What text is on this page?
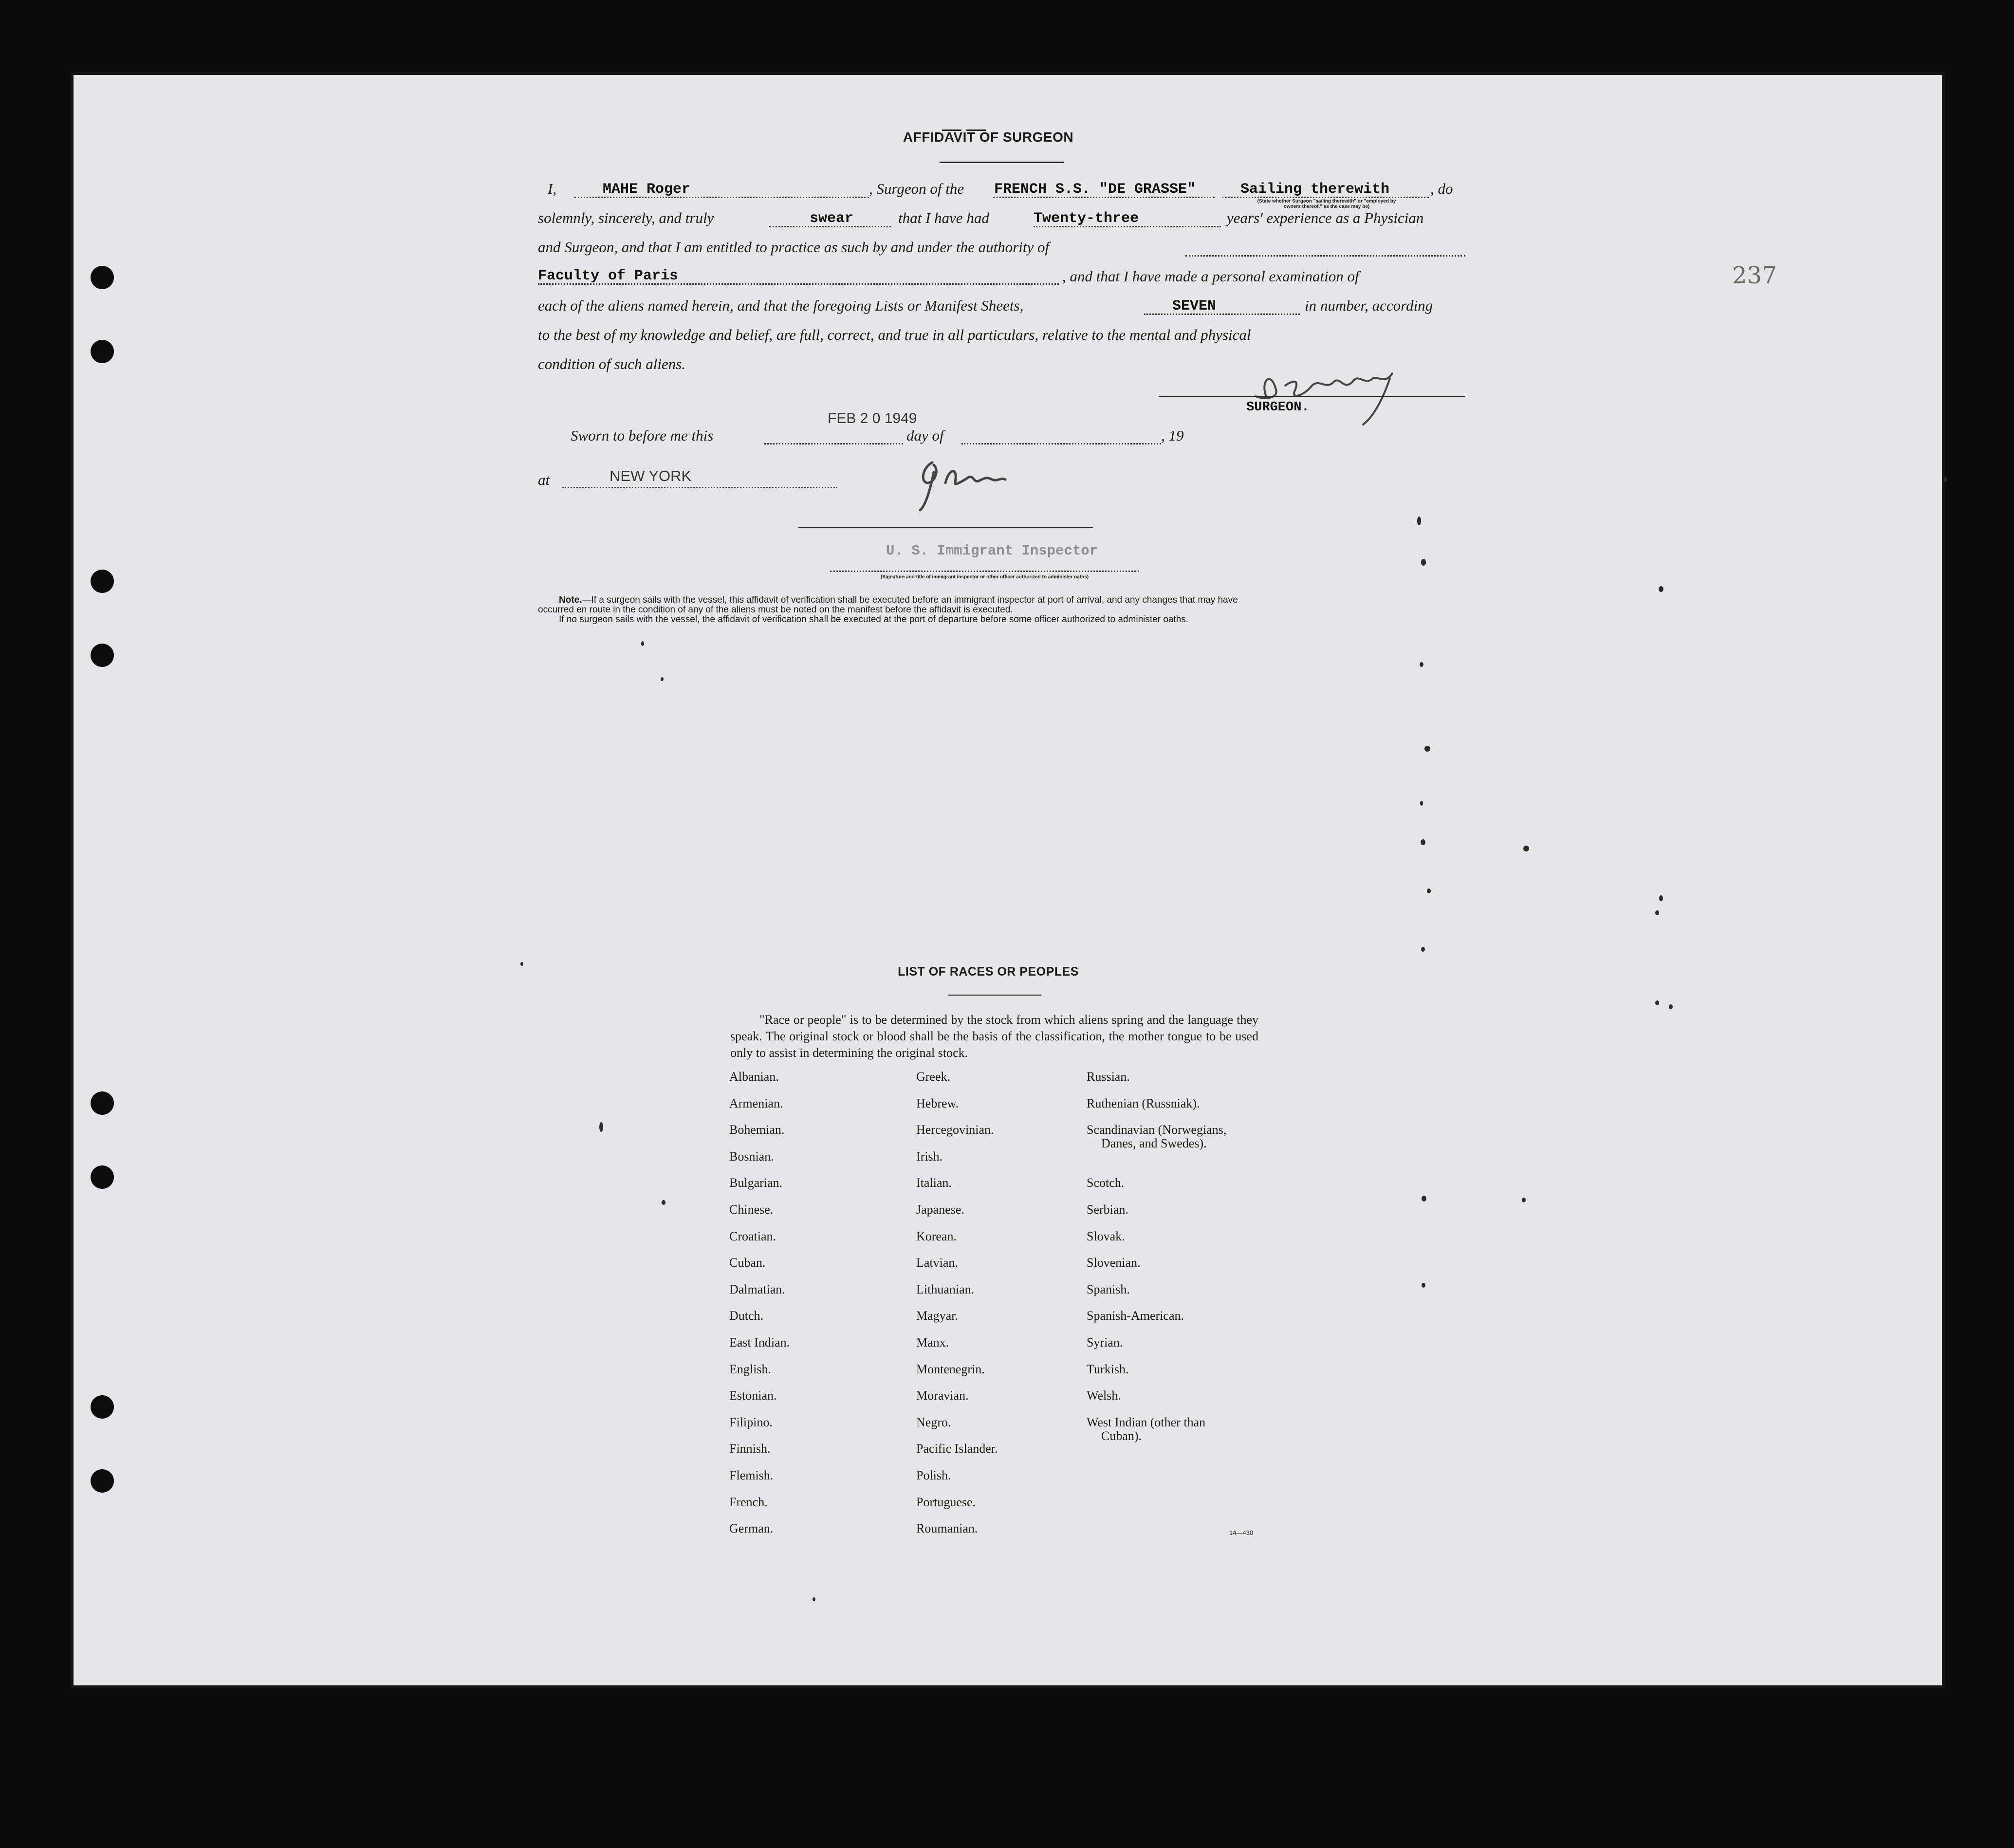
237

AFFIDAVIT OF SURGEON
I,	MAHE Roger	, Surgeon of the FRENCH S.S. "DE GRASSE"	Sailing therewith	, do
(State whether Surgeon "sailing therewith" or "employed by
owners thereof," as the case may be)
solemnly, sincerely, and truly	swear	that I have had	Twenty-three	years' experience as a Physician
and Surgeon, and that I am entitled to practice as such by and under the authority of
Faculty of Paris	, and that I have made a personal examination of
each of the aliens named herein, and that the foregoing Lists or Manifest Sheets,	SEVEN	in number, according
to the best of my knowledge and belief, are full, correct, and true in all particulars, relative to the mental and physical
condition of such aliens.
SURGEON.
Sworn to before me this
FEB 2 0 1949
day of	, 19
at	NEW YORK
U. S. Immigrant Inspector
(Signature and title of immigrant inspector or other officer authorized to administer oaths)
Note.—If a surgeon sails with the vessel, this affidavit of verification shall be executed before an immigrant inspector at port of arrival, and any changes that may have
occurred en route in the condition of any of the aliens must be noted on the manifest before the affidavit is executed.
If no surgeon sails with the vessel, the affidavit of verification shall be executed at the port of departure before some officer authorized to administer oaths.
LIST OF RACES OR PEOPLES
"Race or people" is to be determined by the stock from which aliens spring and the language they speak. The original stock or blood shall be the basis of the classification, the mother tongue to be used only to assist in determining the original stock.
Albanian.
Armenian.
Bohemian.
Bosnian.
Bulgarian.
Chinese.
Croatian.
Cuban.
Dalmatian.
Dutch.
East Indian.
English.
Estonian.
Filipino.
Finnish.
Flemish.
French.
German.
Greek.
Hebrew.
Hercegovinian.
Irish.
Italian.
Japanese.
Korean.
Latvian.
Lithuanian.
Magyar.
Manx.
Montenegrin.
Moravian.
Negro.
Pacific Islander.
Polish.
Portuguese.
Roumanian.
Russian.
Ruthenian (Russniak).
Scandinavian (Norwegians,
Danes, and Swedes).
Scotch.
Serbian.
Slovak.
Slovenian.
Spanish.
Spanish-American.
Syrian.
Turkish.
Welsh.
West Indian (other than
Cuban).
14—430
